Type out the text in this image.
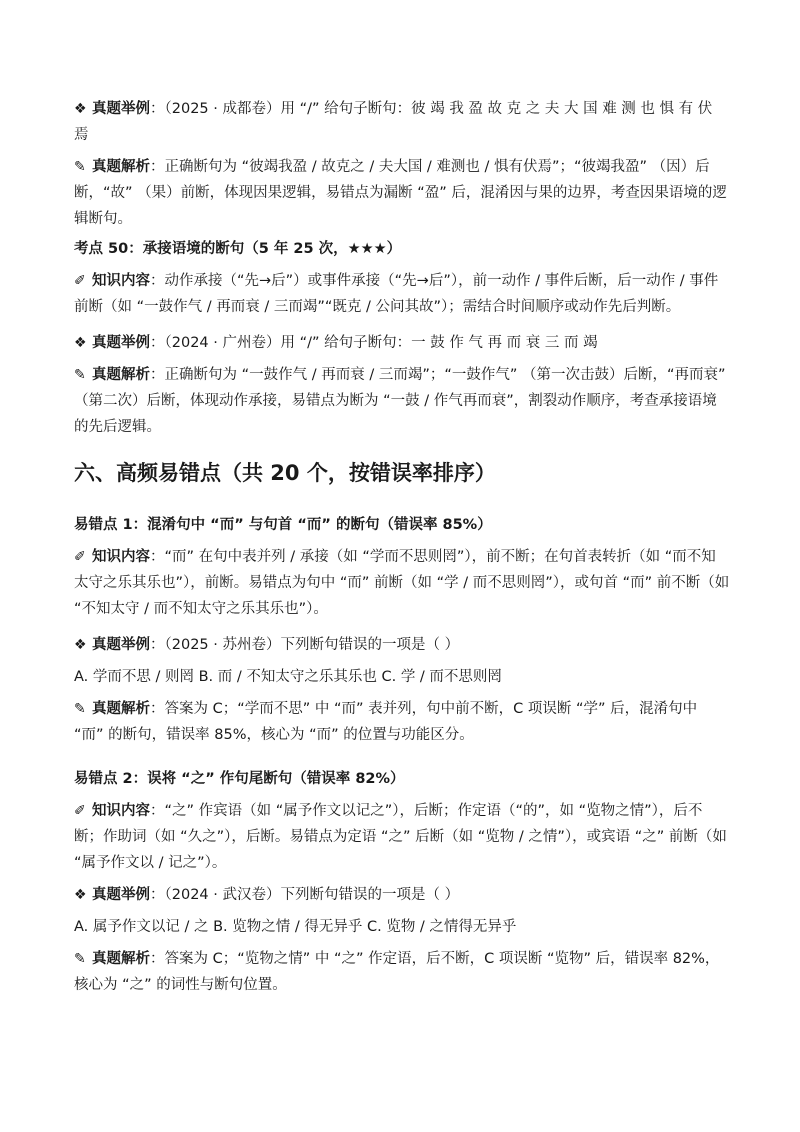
❖ 真题举例：（2025 · 成都卷）用 “/” 给句子断句：彼 竭 我 盈 故 克 之 夫 大 国 难 测 也 惧 有 伏 焉

✎ 真题解析：正确断句为 “彼竭我盈 / 故克之 / 夫大国 / 难测也 / 惧有伏焉”；“彼竭我盈” （因）后断，“故” （果）前断，体现因果逻辑，易错点为漏断 “盈” 后，混淆因与果的边界，考查因果语境的逻辑断句。

考点 50：承接语境的断句（5 年 25 次，★★★）

✐ 知识内容：动作承接（“先→后”）或事件承接（“先→后”），前一动作 / 事件后断，后一动作 / 事件前断（如 “一鼓作气 / 再而衰 / 三而竭”“既克 / 公问其故”）；需结合时间顺序或动作先后判断。

❖ 真题举例：（2024 · 广州卷）用 “/” 给句子断句：一 鼓 作 气 再 而 衰 三 而 竭

✎ 真题解析：正确断句为 “一鼓作气 / 再而衰 / 三而竭”；“一鼓作气” （第一次击鼓）后断，“再而衰” （第二次）后断，体现动作承接，易错点为断为 “一鼓 / 作气再而衰”，割裂动作顺序，考查承接语境的先后逻辑。

六、高频易错点（共 20 个，按错误率排序）
易错点 1：混淆句中 “而” 与句首 “而” 的断句（错误率 85%）

✐ 知识内容：“而” 在句中表并列 / 承接（如 “学而不思则罔”），前不断；在句首表转折（如 “而不知太守之乐其乐也”），前断。易错点为句中 “而” 前断（如 “学 / 而不思则罔”），或句首 “而” 前不断（如 “不知太守 / 而不知太守之乐其乐也”）。

❖ 真题举例：（2025 · 苏州卷）下列断句错误的一项是（ ）

A. 学而不思 / 则罔 B. 而 / 不知太守之乐其乐也 C. 学 / 而不思则罔

✎ 真题解析：答案为 C；“学而不思” 中 “而” 表并列，句中前不断，C 项误断 “学” 后，混淆句中 “而” 的断句，错误率 85%，核心为 “而” 的位置与功能区分。

易错点 2：误将 “之” 作句尾断句（错误率 82%）

✐ 知识内容：“之” 作宾语（如 “属予作文以记之”），后断；作定语（“的”，如 “览物之情”），后不断；作助词（如 “久之”），后断。易错点为定语 “之” 后断（如 “览物 / 之情”），或宾语 “之” 前断（如 “属予作文以 / 记之”）。

❖ 真题举例：（2024 · 武汉卷）下列断句错误的一项是（ ）

A. 属予作文以记 / 之 B. 览物之情 / 得无异乎 C. 览物 / 之情得无异乎

✎ 真题解析：答案为 C；“览物之情” 中 “之” 作定语，后不断，C 项误断 “览物” 后，错误率 82%，核心为 “之” 的词性与断句位置。
